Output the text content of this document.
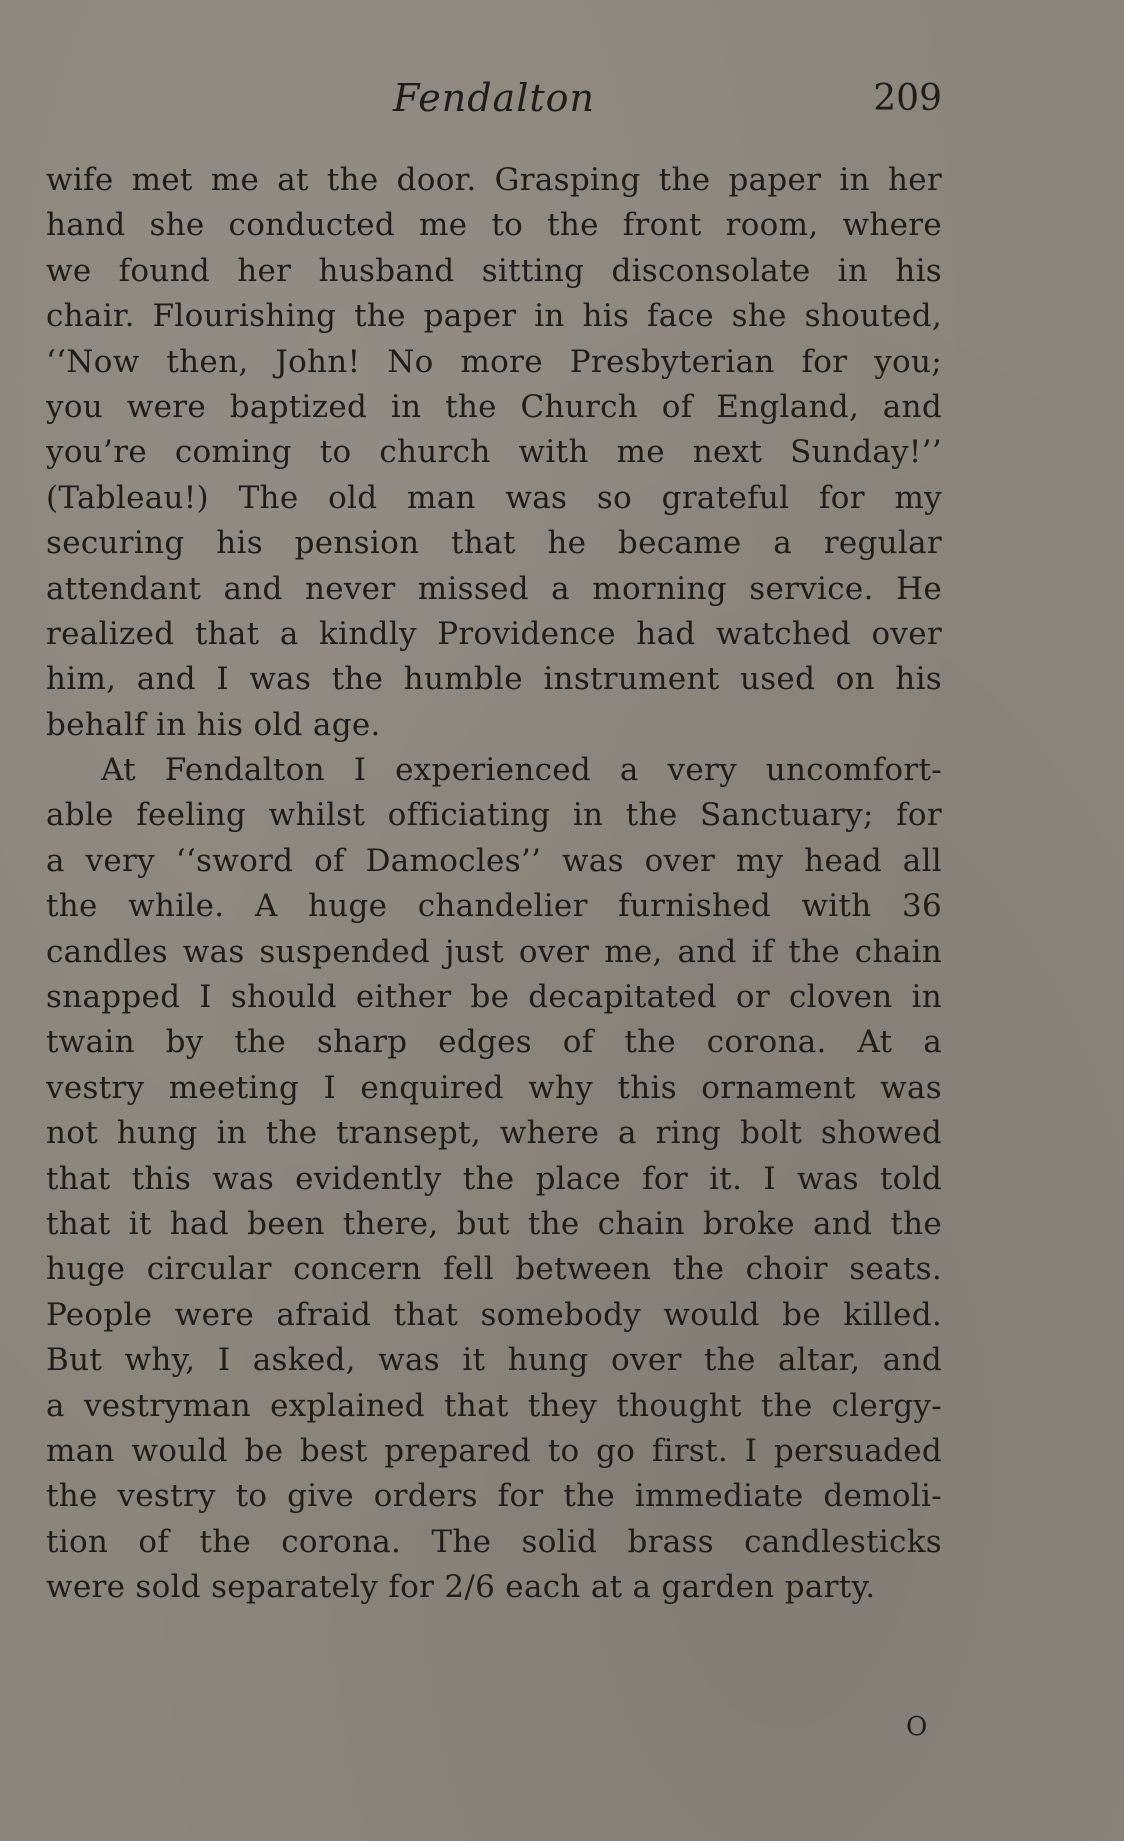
Fendalton	209
wife met me at the door. Grasping the paper in her
hand she conducted me to the front room, where
we found her husband sitting disconsolate in his
chair. Flourishing the paper in his face she shouted,
‘‘Now then, John! No more Presbyterian for you;
you were baptized in the Church of England, and
you’re coming to church with me next Sunday!’’
(Tableau!) The old man was so grateful for my
securing his pension that he became a regular
attendant and never missed a morning service. He
realized that a kindly Providence had watched over
him, and I was the humble instrument used on his
behalf in his old age.
At Fendalton I experienced a very uncomfort-
able feeling whilst officiating in the Sanctuary; for
a very ‘‘sword of Damocles’’ was over my head all
the while. A huge chandelier furnished with 36
candles was suspended just over me, and if the chain
snapped I should either be decapitated or cloven in
twain by the sharp edges of the corona. At a
vestry meeting I enquired why this ornament was
not hung in the transept, where a ring bolt showed
that this was evidently the place for it. I was told
that it had been there, but the chain broke and the
huge circular concern fell between the choir seats.
People were afraid that somebody would be killed.
But why, I asked, was it hung over the altar, and
a vestryman explained that they thought the clergy-
man would be best prepared to go first. I persuaded
the vestry to give orders for the immediate demoli-
tion of the corona. The solid brass candlesticks
were sold separately for 2/6 each at a garden party.
O
